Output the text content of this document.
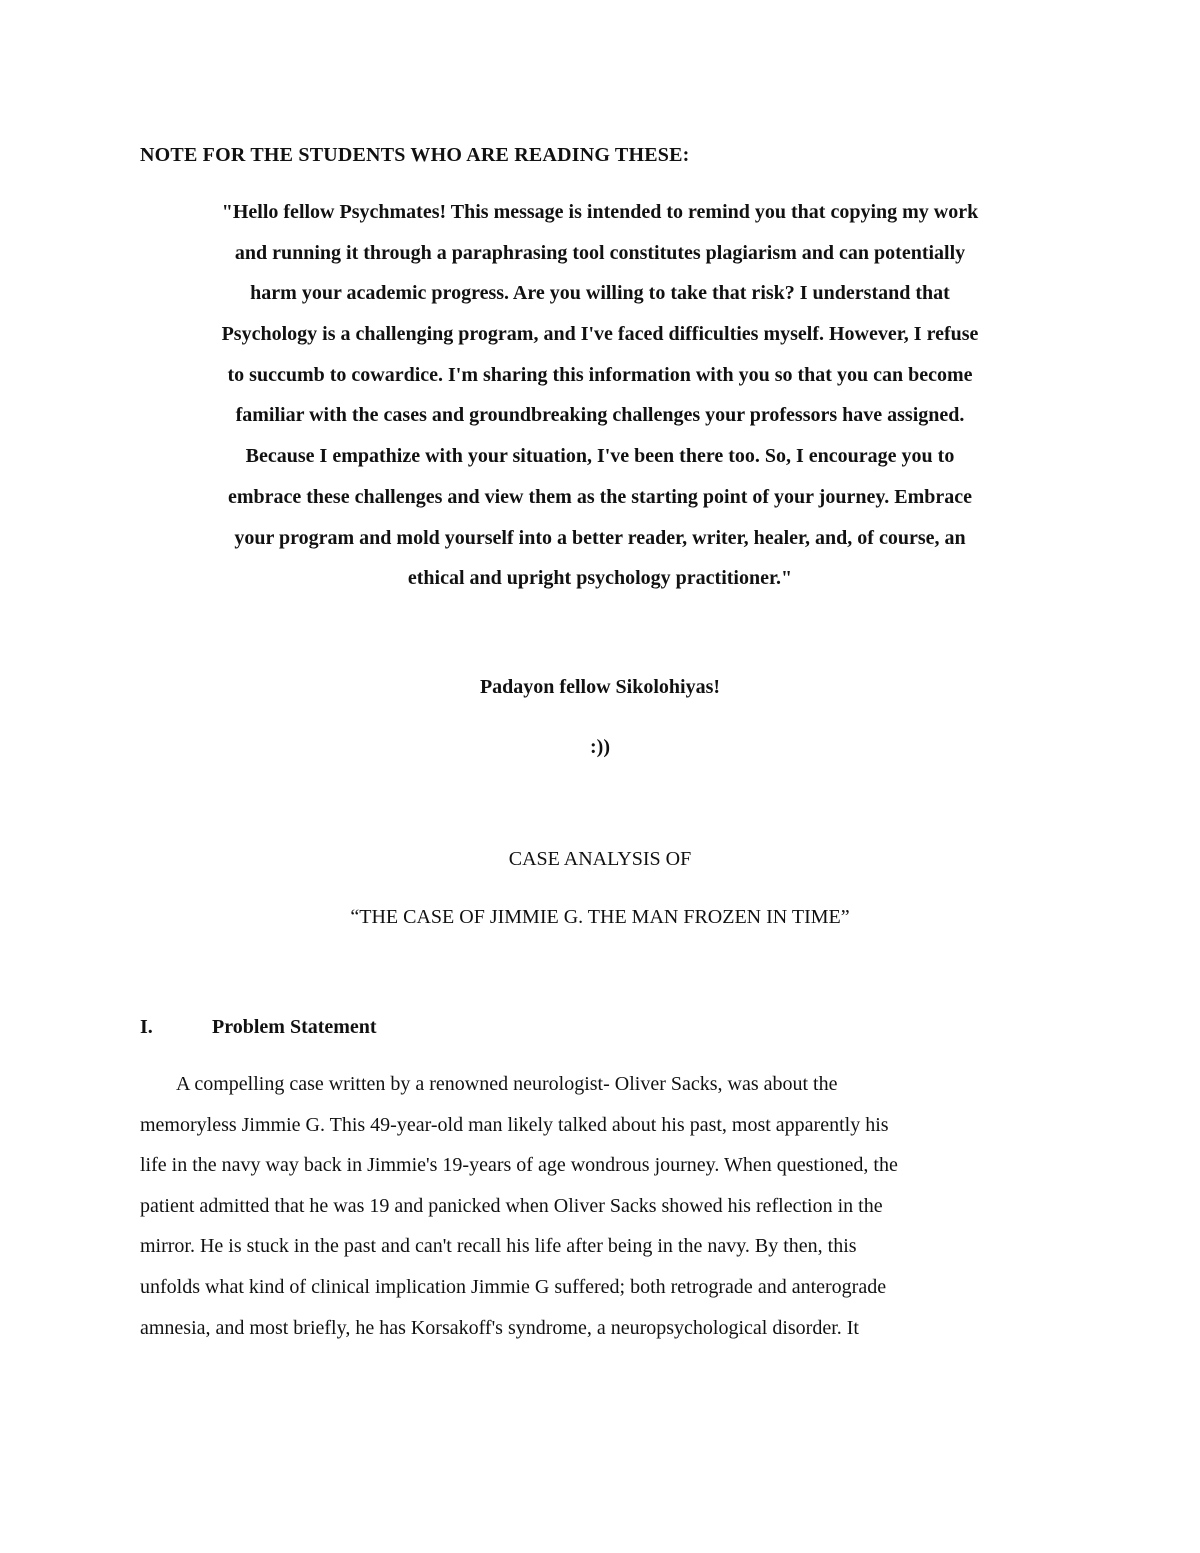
NOTE FOR THE STUDENTS WHO ARE READING THESE:

"Hello fellow Psychmates! This message is intended to remind you that copying my work
and running it through a paraphrasing tool constitutes plagiarism and can potentially
harm your academic progress. Are you willing to take that risk? I understand that
Psychology is a challenging program, and I've faced difficulties myself. However, I refuse
to succumb to cowardice. I'm sharing this information with you so that you can become
familiar with the cases and groundbreaking challenges your professors have assigned.
Because I empathize with your situation, I've been there too. So, I encourage you to
embrace these challenges and view them as the starting point of your journey. Embrace
your program and mold yourself into a better reader, writer, healer, and, of course, an
ethical and upright psychology practitioner."

Padayon fellow Sikolohiyas!

:))

CASE ANALYSIS OF

“THE CASE OF JIMMIE G. THE MAN FROZEN IN TIME”

I.	Problem Statement

A compelling case written by a renowned neurologist- Oliver Sacks, was about the
memoryless Jimmie G. This 49-year-old man likely talked about his past, most apparently his
life in the navy way back in Jimmie's 19-years of age wondrous journey. When questioned, the
patient admitted that he was 19 and panicked when Oliver Sacks showed his reflection in the
mirror. He is stuck in the past and can't recall his life after being in the navy. By then, this
unfolds what kind of clinical implication Jimmie G suffered; both retrograde and anterograde
amnesia, and most briefly, he has Korsakoff's syndrome, a neuropsychological disorder. It
